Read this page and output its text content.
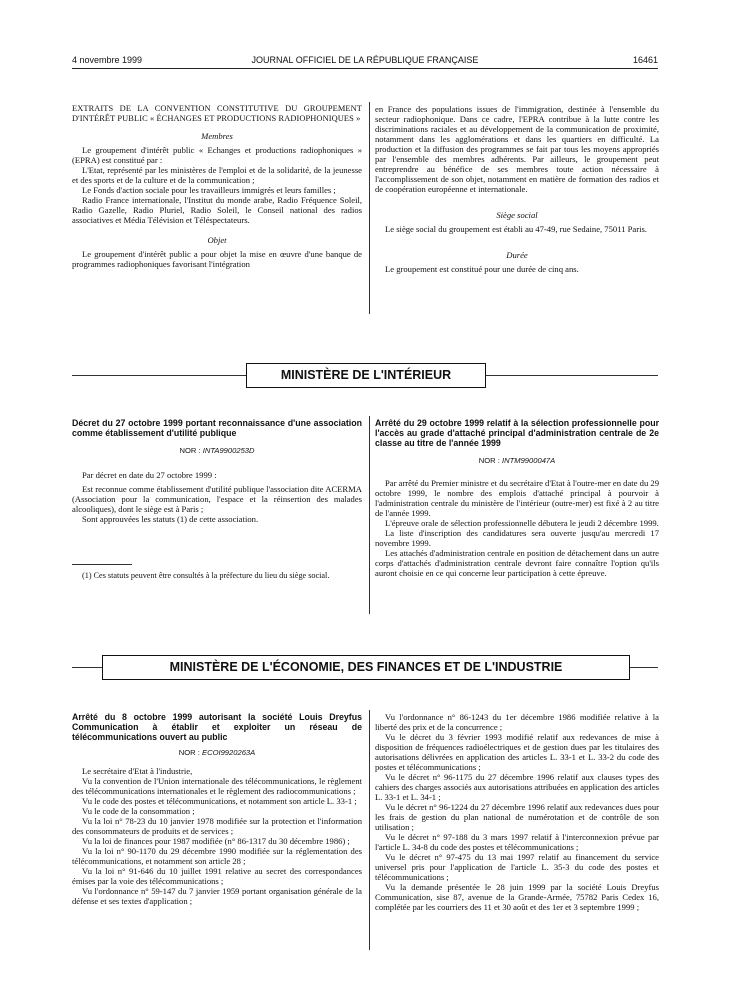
4 novembre 1999	JOURNAL OFFICIEL DE LA RÉPUBLIQUE FRANÇAISE	16461

EXTRAITS DE LA CONVENTION CONSTITUTIVE DU GROUPEMENT D'INTÉRÊT PUBLIC « ÉCHANGES ET PRODUCTIONS RADIOPHONIQUES »

Membres

Le groupement d'intérêt public « Echanges et productions radiophoniques » (EPRA) est constitué par :

L'Etat, représenté par les ministères de l'emploi et de la solidarité, de la jeunesse et des sports et de la culture et de la communication ;

Le Fonds d'action sociale pour les travailleurs immigrés et leurs familles ;

Radio France internationale, l'Institut du monde arabe, Radio Fréquence Soleil, Radio Gazelle, Radio Pluriel, Radio Soleil, le Conseil national des radios associatives et Média Télévision et Téléspectateurs.

Objet

Le groupement d'intérêt public a pour objet la mise en œuvre d'une banque de programmes radiophoniques favorisant l'intégration

en France des populations issues de l'immigration, destinée à l'ensemble du secteur radiophonique. Dans ce cadre, l'EPRA contribue à la lutte contre les discriminations raciales et au développement de la communication de proximité, notamment dans les agglomérations et dans les quartiers en difficulté. La production et la diffusion des programmes se fait par tous les moyens appropriés par l'ensemble des membres adhérents. Par ailleurs, le groupement peut entreprendre au bénéfice de ses membres toute action nécessaire à l'accomplissement de son objet, notamment en matière de formation des radios et de coopération européenne et internationale.

Siège social

Le siège social du groupement est établi au 47-49, rue Sedaine, 75011 Paris.

Durée

Le groupement est constitué pour une durée de cinq ans.

MINISTÈRE DE L'INTÉRIEUR
Décret du 27 octobre 1999 portant reconnaissance d'une association comme établissement d'utilité publique
NOR : INTA9900253D

Par décret en date du 27 octobre 1999 :

Est reconnue comme établissement d'utilité publique l'association dite ACERMA (Association pour la communication, l'espace et la réinsertion des malades alcooliques), dont le siège est à Paris ;

Sont approuvées les statuts (1) de cette association.

(1) Ces statuts peuvent être consultés à la préfecture du lieu du siège social.

Arrêté du 29 octobre 1999 relatif à la sélection professionnelle pour l'accès au grade d'attaché principal d'administration centrale de 2e classe au titre de l'année 1999
NOR : INTM9900047A

Par arrêté du Premier ministre et du secrétaire d'Etat à l'outre-mer en date du 29 octobre 1999, le nombre des emplois d'attaché principal à pourvoir à l'administration centrale du ministère de l'intérieur (outre-mer) est fixé à 2 au titre de l'année 1999.

L'épreuve orale de sélection professionnelle débutera le jeudi 2 décembre 1999.

La liste d'inscription des candidatures sera ouverte jusqu'au mercredi 17 novembre 1999.

Les attachés d'administration centrale en position de détachement dans un autre corps d'attachés d'administration centrale devront faire connaître l'option qu'ils auront choisie en ce qui concerne leur participation à cette épreuve.

MINISTÈRE DE L'ÉCONOMIE, DES FINANCES ET DE L'INDUSTRIE
Arrêté du 8 octobre 1999 autorisant la société Louis Dreyfus Communication à établir et exploiter un réseau de télécommunications ouvert au public
NOR : ECOI9920263A

Le secrétaire d'Etat à l'industrie,

Vu la convention de l'Union internationale des télécommunications, le règlement des télécommunications internationales et le règlement des radiocommunications ;

Vu le code des postes et télécommunications, et notamment son article L. 33-1 ;

Vu le code de la consommation ;

Vu la loi n° 78-23 du 10 janvier 1978 modifiée sur la protection et l'information des consommateurs de produits et de services ;

Vu la loi de finances pour 1987 modifiée (n° 86-1317 du 30 décembre 1986) ;

Vu la loi n° 90-1170 du 29 décembre 1990 modifiée sur la réglementation des télécommunications, et notamment son article 28 ;

Vu la loi n° 91-646 du 10 juillet 1991 relative au secret des correspondances émises par la voie des télécommunications ;

Vu l'ordonnance n° 59-147 du 7 janvier 1959 portant organisation générale de la défense et ses textes d'application ;

Vu l'ordonnance n° 86-1243 du 1er décembre 1986 modifiée relative à la liberté des prix et de la concurrence ;

Vu le décret du 3 février 1993 modifié relatif aux redevances de mise à disposition de fréquences radioélectriques et de gestion dues par les titulaires des autorisations délivrées en application des articles L. 33-1 et L. 33-2 du code des postes et télécommunications ;

Vu le décret n° 96-1175 du 27 décembre 1996 relatif aux clauses types des cahiers des charges associés aux autorisations attribuées en application des articles L. 33-1 et L. 34-1 ;

Vu le décret n° 96-1224 du 27 décembre 1996 relatif aux redevances dues pour les frais de gestion du plan national de numérotation et de contrôle de son utilisation ;

Vu le décret n° 97-188 du 3 mars 1997 relatif à l'interconnexion prévue par l'article L. 34-8 du code des postes et télécommunications ;

Vu le décret n° 97-475 du 13 mai 1997 relatif au financement du service universel pris pour l'application de l'article L. 35-3 du code des postes et télécommunications ;

Vu la demande présentée le 28 juin 1999 par la société Louis Dreyfus Communication, sise 87, avenue de la Grande-Armée, 75782 Paris Cedex 16, complétée par les courriers des 11 et 30 août et des 1er et 3 septembre 1999 ;
